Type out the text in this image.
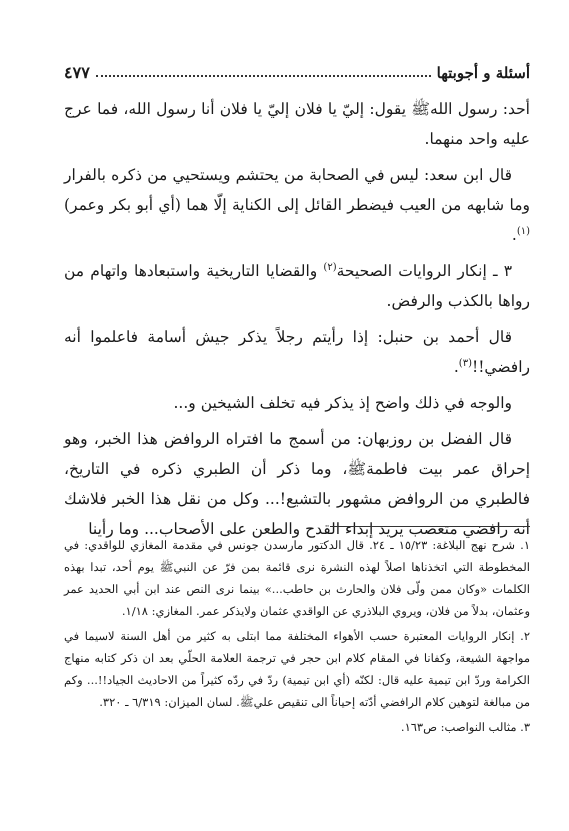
أسئلة و أجوبتها
٤٧٧

أحد: رسول اللهﷺ يقول: إليّ يا فلان إليّ يا فلان أنا رسول الله، فما عرج عليه واحد منهما.

قال ابن سعد: ليس في الصحابة من يحتشم ويستحيي من ذكره بالفرار وما شابهه من العيب فيضطر القائل إلى الكناية إلّا هما (أي أبو بكر وعمر)$^{(١)}$.

٣ ـ إنكار الروايات الصحيحة$^{(٢)}$ والقضايا التاريخية واستبعادها واتهام من رواها بالكذب والرفض.

قال أحمد بن حنبل: إذا رأيتم رجلاً يذكر جيش أسامة فاعلموا أنه رافضي!!$^{(٣)}$.

والوجه في ذلك واضح إذ يذكر فيه تخلف الشيخين و...

قال الفضل بن روزبهان: من أسمج ما افتراه الروافض هذا الخبر، وهو إحراق عمر بيت فاطمةﷺ، وما ذكر أن الطبري ذكره في التاريخ، فالطبري من الروافض مشهور بالتشيع!... وكل من نقل هذا الخبر فلاشك أنه رافضي متعصب يريد إبداء القدح والطعن على الأصحاب... وما رأينا

١. شرح نهج البلاغة: ١٥/٢٣ ـ ٢٤. قال الدكتور مارسدن جونس في مقدمة المغازي للواقدي: في المخطوطة التي اتخذناها اصلاً لهذه النشرة نرى قائمة بمن فرّ عن النبيﷺ يوم أحد، تبدا بهذه الكلمات «وكان ممن ولّى فلان والحارث بن حاطب...» بينما نرى النص عند ابن أبي الحديد عمر وعثمان، بدلاً من فلان، ويروي البلاذري عن الواقدي عثمان ولايذكر عمر. المغازي: ١/١٨.

٢. إنكار الروايات المعتبرة حسب الأهواء المختلفة مما ابتلى به كثير من أهل السنة لاسيما في مواجهة الشيعة، وكفانا في المقام كلام ابن حجر في ترجمة العلامة الحلّي بعد ان ذكر كتابه منهاج الكرامة وردّ ابن تيمية عليه قال: لكنّه (أي ابن تيمية) ردّ في ردّه كثيراً من الاحاديث الجياد!!... وكم من مبالغة لتوهين كلام الرافضي أدّته إحياناً الى تنقيص عليﷺ. لسان الميزان: ٦/٣١٩ ـ ٣٢٠.

٣. مثالب النواصب: ص١٦٣.
